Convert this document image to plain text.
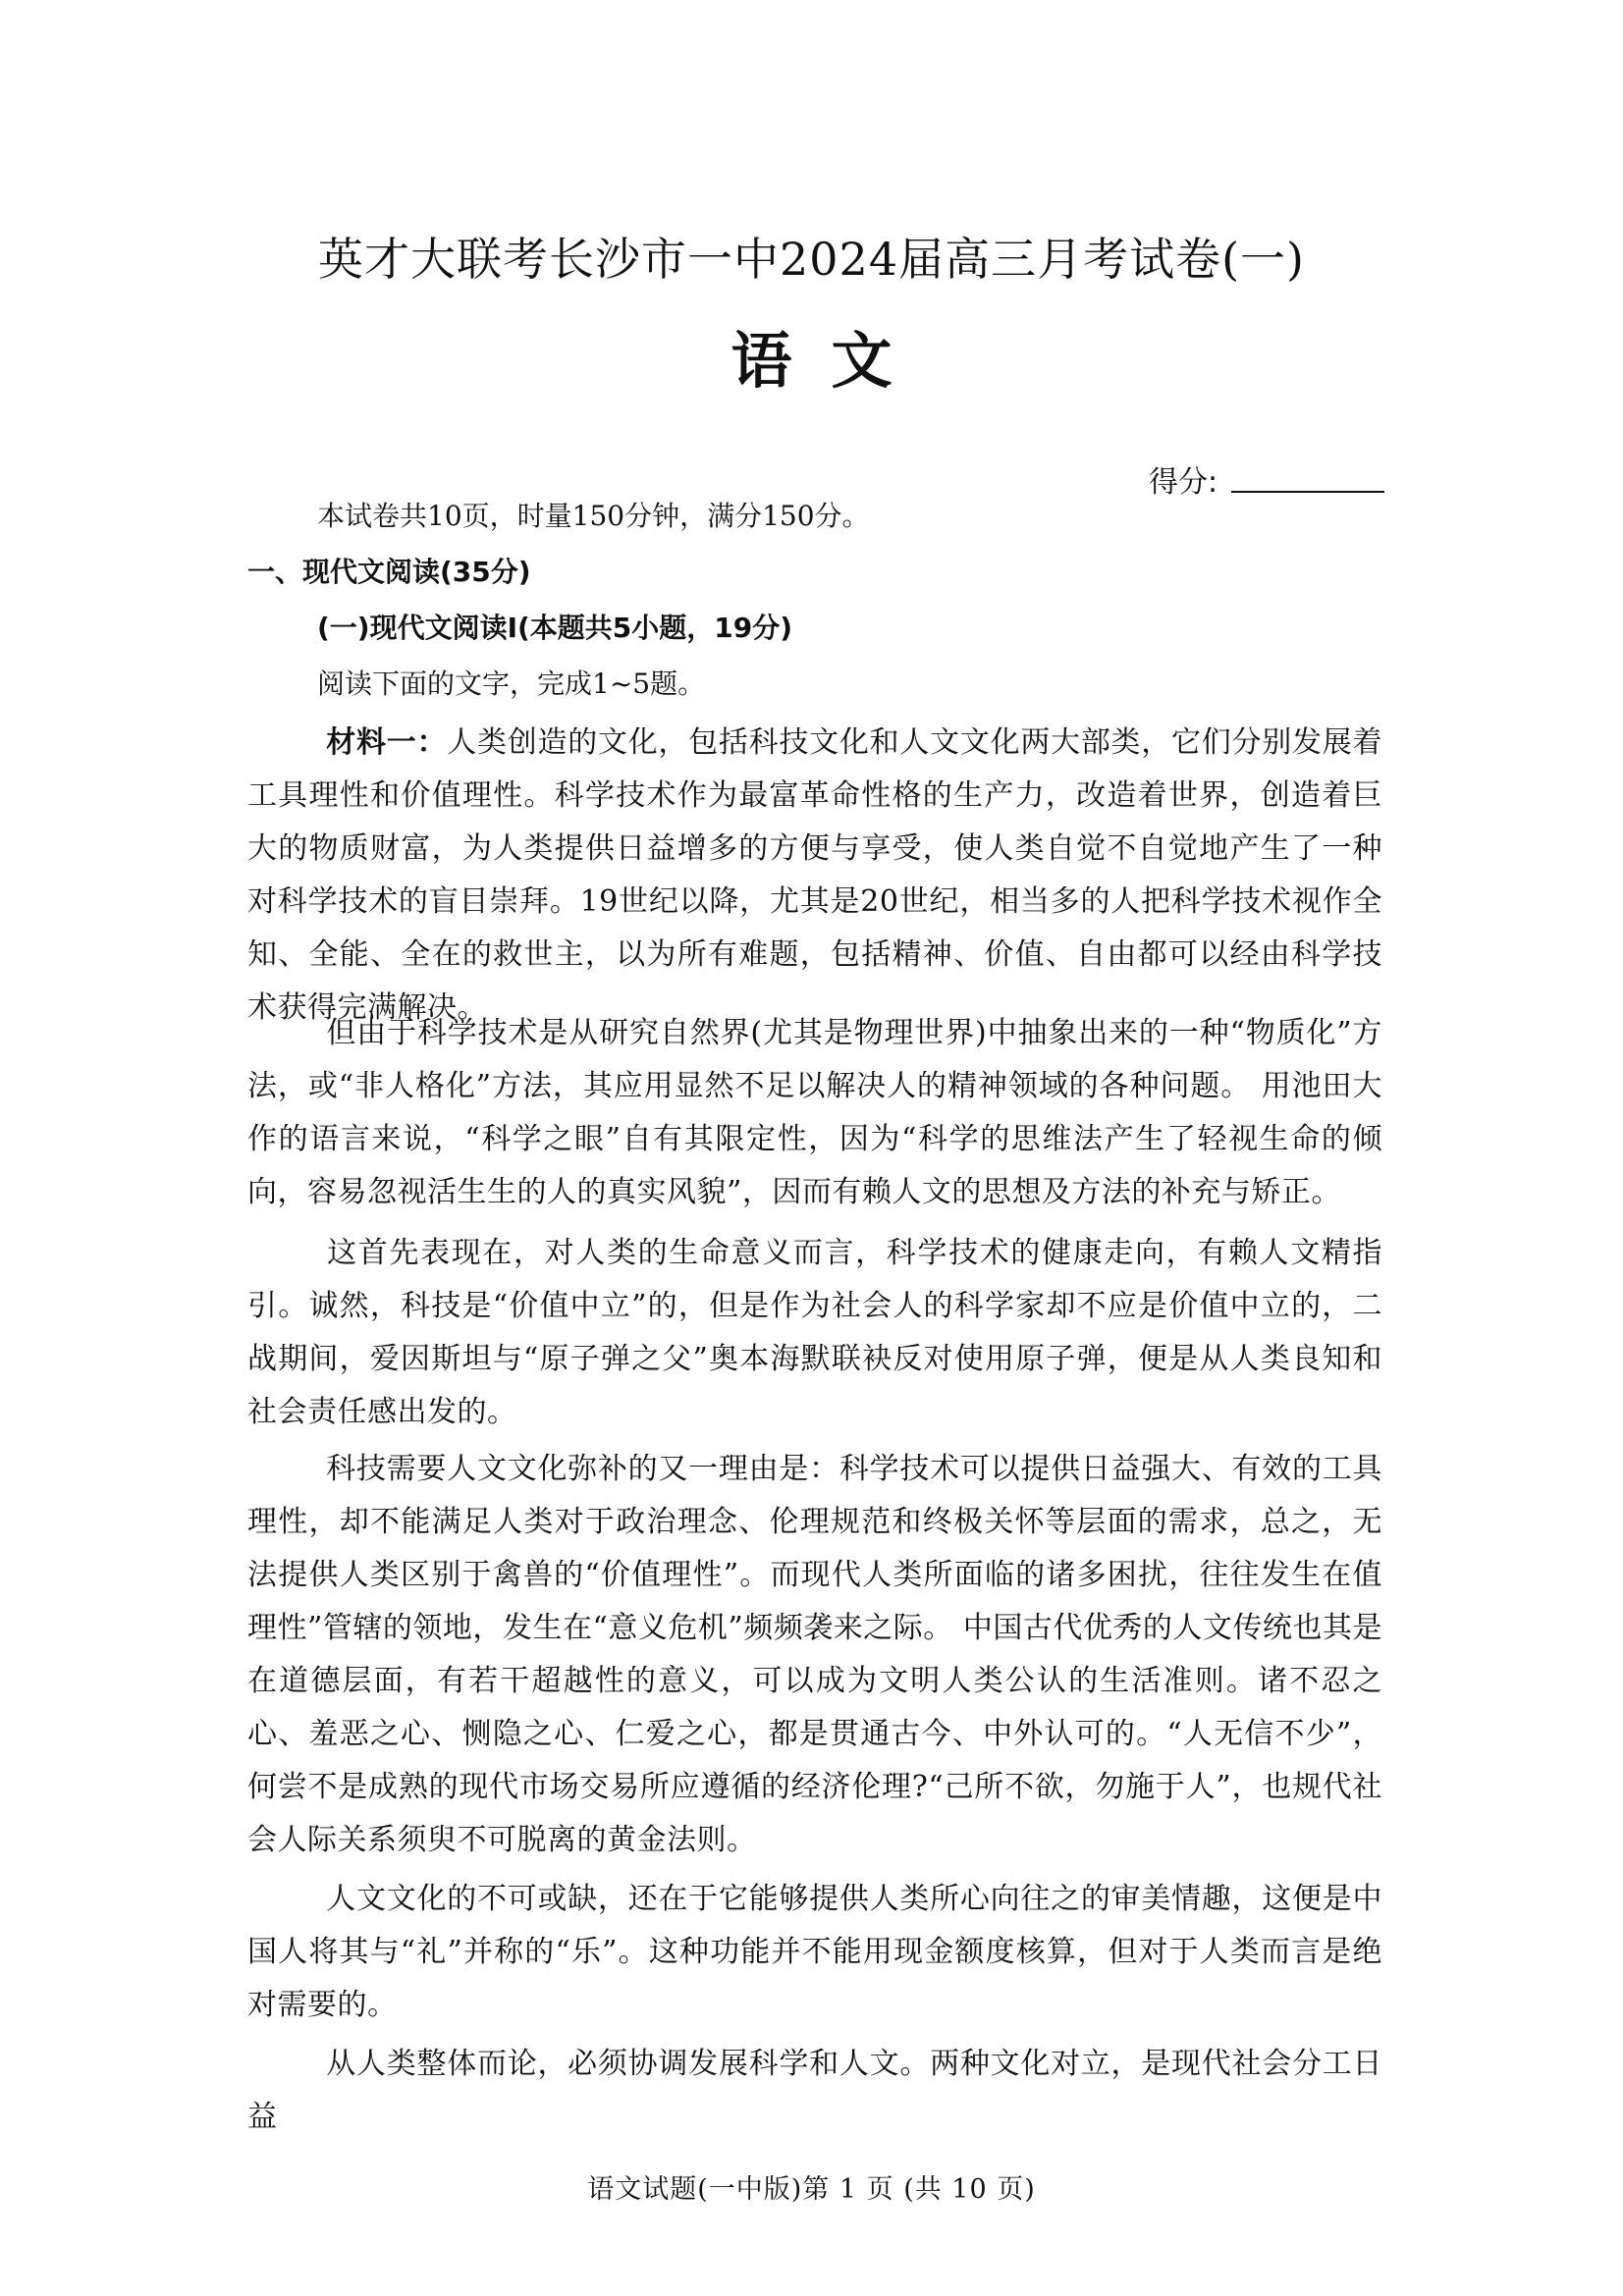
英才大联考长沙市一中2024届高三月考试卷(一)
语文
得分:
本试卷共10页，时量150分钟，满分150分。
一、现代文阅读(35分)
(一)现代文阅读Ⅰ(本题共5小题，19分)
阅读下面的文字，完成1~5题。

材料一：人类创造的文化，包括科技文化和人文文化两大部类，它们分别发展着工具理性和价值理性。科学技术作为最富革命性格的生产力，改造着世界，创造着巨大的物质财富，为人类提供日益增多的方便与享受，使人类自觉不自觉地产生了一种对科学技术的盲目崇拜。19世纪以降，尤其是20世纪，相当多的人把科学技术视作全知、全能、全在的救世主，以为所有难题，包括精神、价值、自由都可以经由科学技术获得完满解决。

但由于科学技术是从研究自然界(尤其是物理世界)中抽象出来的一种“物质化”方法，或“非人格化”方法，其应用显然不足以解决人的精神领域的各种问题。 用池田大作的语言来说，“科学之眼”自有其限定性，因为“科学的思维法产生了轻视生命的倾向，容易忽视活生生的人的真实风貌”，因而有赖人文的思想及方法的补充与矫正。

这首先表现在，对人类的生命意义而言，科学技术的健康走向，有赖人文精指引。诚然，科技是“价值中立”的，但是作为社会人的科学家却不应是价值中立的，二战期间，爱因斯坦与“原子弹之父”奥本海默联袂反对使用原子弹，便是从人类良知和社会责任感出发的。

科技需要人文文化弥补的又一理由是：科学技术可以提供日益强大、有效的工具理性，却不能满足人类对于政治理念、伦理规范和终极关怀等层面的需求，总之，无法提供人类区别于禽兽的“价值理性”。而现代人类所面临的诸多困扰，往往发生在值理性”管辖的领地，发生在“意义危机”频频袭来之际。 中国古代优秀的人文传统也其是在道德层面，有若干超越性的意义，可以成为文明人类公认的生活准则。诸不忍之心、羞恶之心、恻隐之心、仁爱之心，都是贯通古今、中外认可的。“人无信不少”，何尝不是成熟的现代市场交易所应遵循的经济伦理?“己所不欲，勿施于人”，也规代社会人际关系须臾不可脱离的黄金法则。

人文文化的不可或缺，还在于它能够提供人类所心向往之的审美情趣，这便是中国人将其与“礼”并称的“乐”。这种功能并不能用现金额度核算，但对于人类而言是绝对需要的。

从人类整体而论，必须协调发展科学和人文。两种文化对立，是现代社会分工日益

语文试题(一中版)第 1 页 (共 10 页)
